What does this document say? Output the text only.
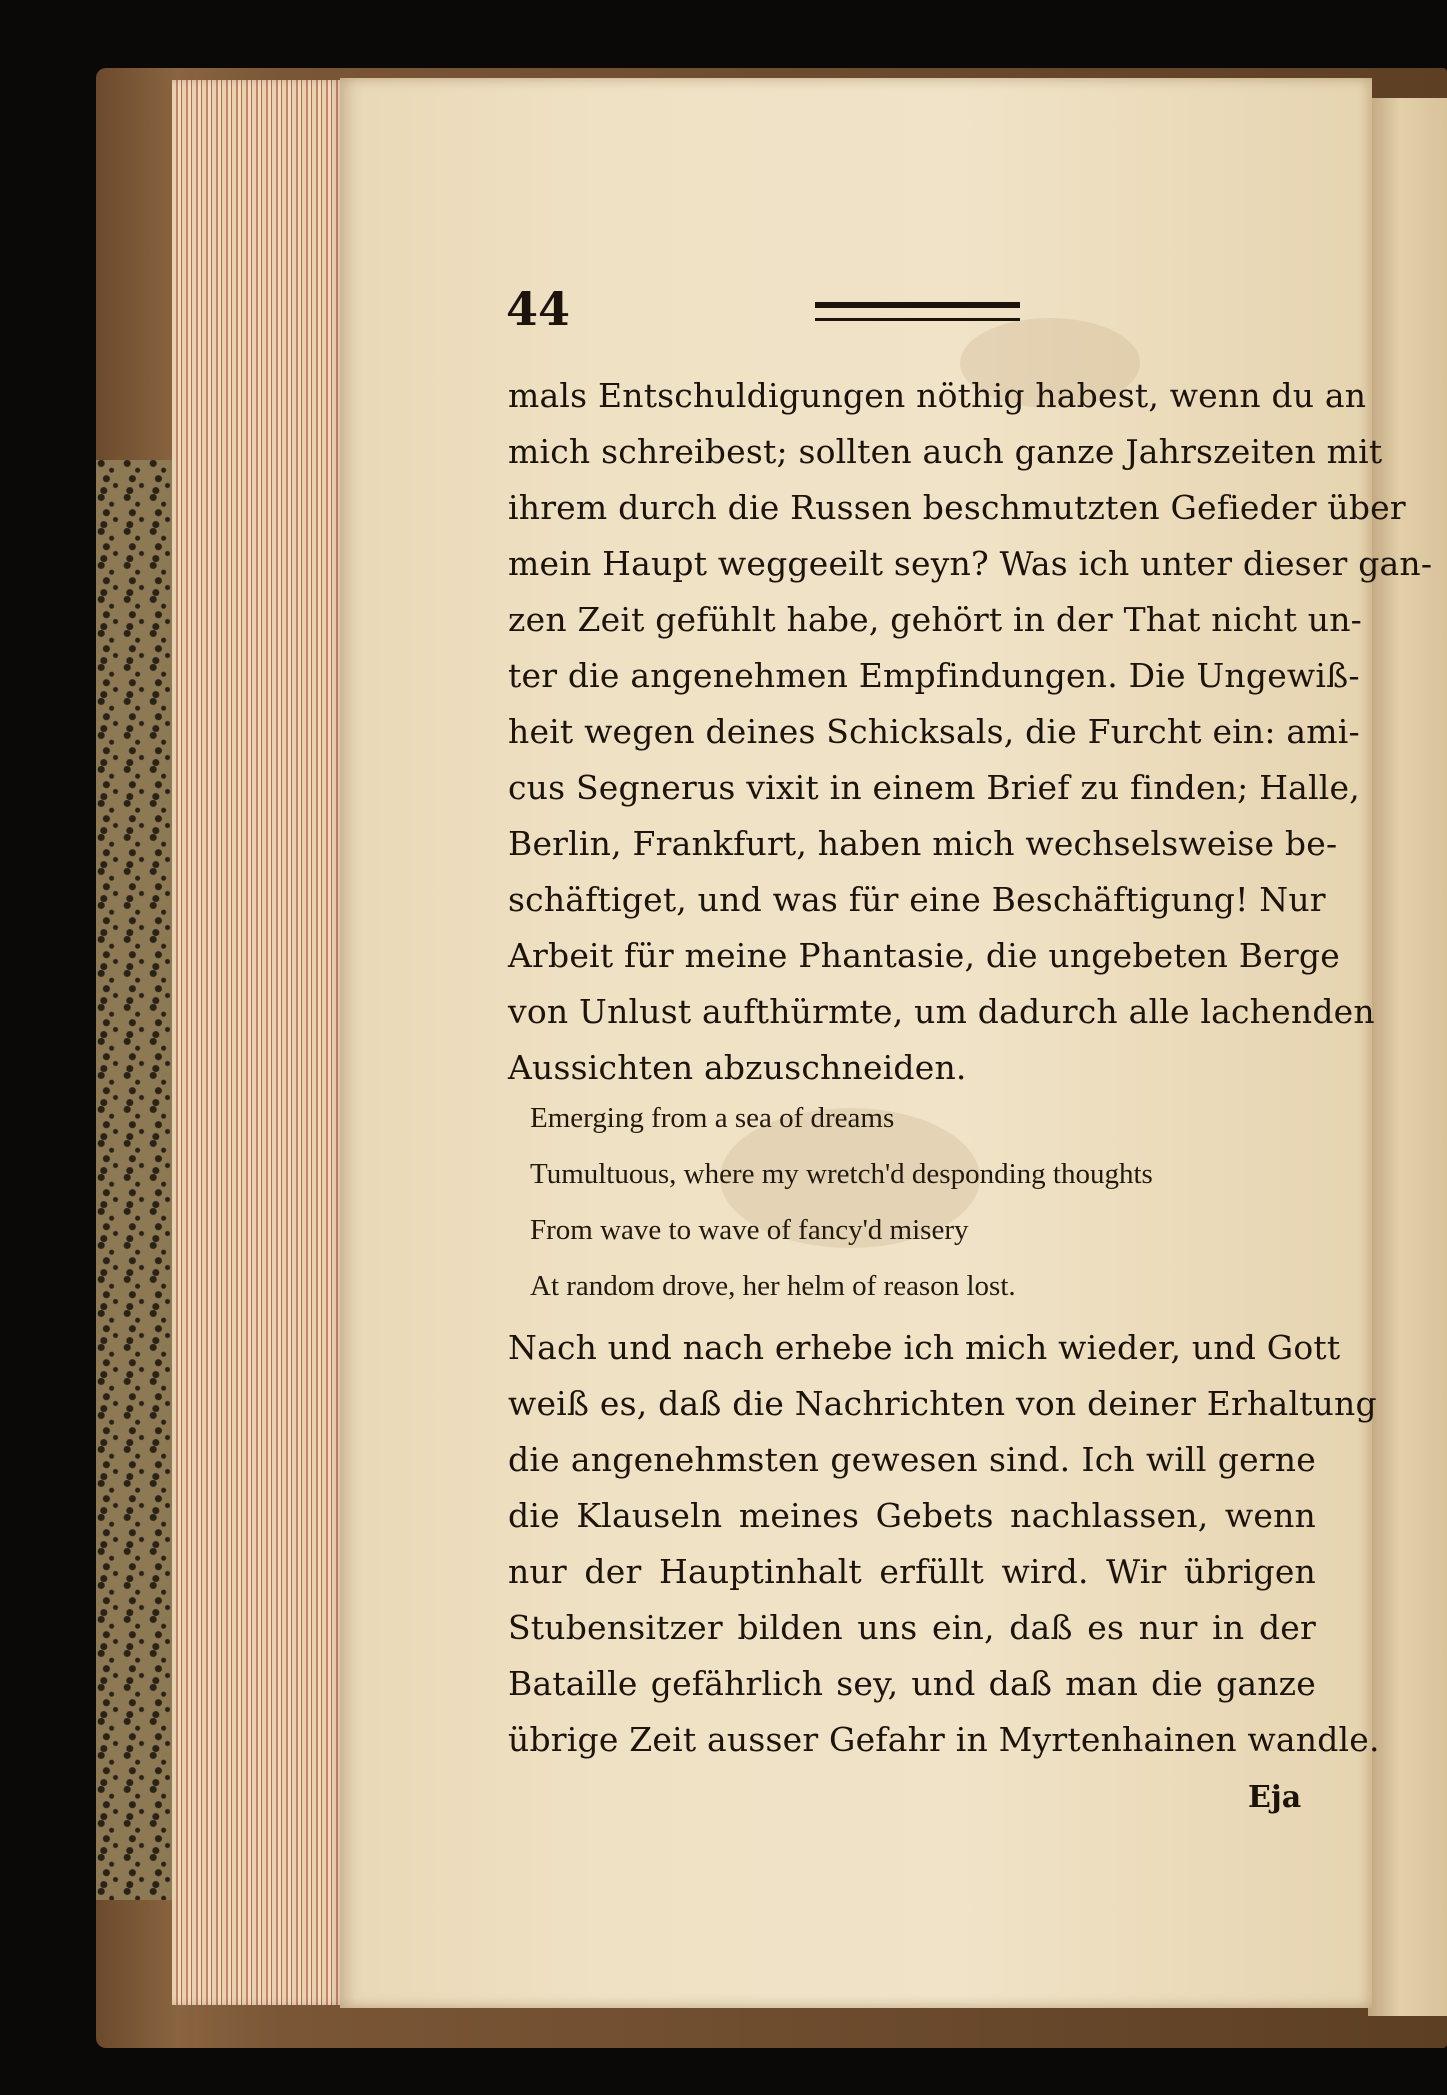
44
mals Entschuldigungen nöthig habest, wenn du an
mich schreibest; sollten auch ganze Jahrszeiten mit
ihrem durch die Russen beschmutzten Gefieder über
mein Haupt weggeeilt seyn? Was ich unter dieser gan-
zen Zeit gefühlt habe, gehört in der That nicht un-
ter die angenehmen Empfindungen. Die Ungewiß-
heit wegen deines Schicksals, die Furcht ein: ami-
cus Segnerus vixit in einem Brief zu finden; Halle,
Berlin, Frankfurt, haben mich wechselsweise be-
schäftiget, und was für eine Beschäftigung! Nur
Arbeit für meine Phantasie, die ungebeten Berge
von Unlust aufthürmte, um dadurch alle lachenden
Aussichten abzuschneiden.
Emerging from a sea of dreams
Tumultuous, where my wretch'd desponding thoughts
From wave to wave of fancy'd misery
At random drove, her helm of reason lost.
Nach und nach erhebe ich mich wieder, und Gott
weiß es, daß die Nachrichten von deiner Erhaltung
die angenehmsten gewesen sind. Ich will gerne
die Klauseln meines Gebets nachlassen, wenn
nur der Hauptinhalt erfüllt wird. Wir übrigen
Stubensitzer bilden uns ein, daß es nur in der
Bataille gefährlich sey, und daß man die ganze
übrige Zeit ausser Gefahr in Myrtenhainen wandle.
Eja
